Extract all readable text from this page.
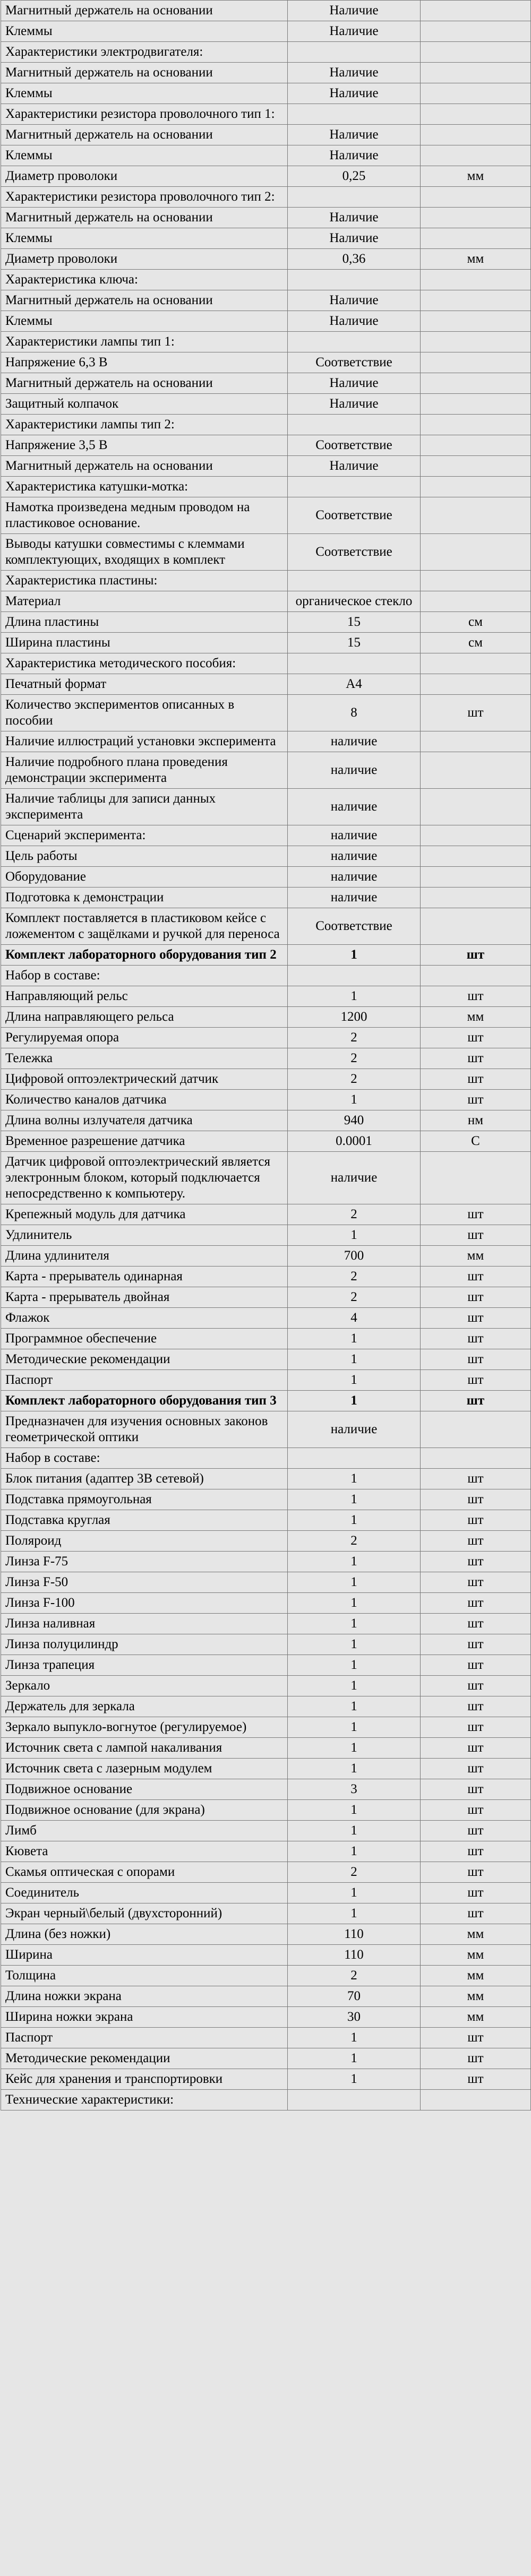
Магнитный держатель на основании	Наличие	
Клеммы	Наличие	
Характеристики электродвигателя:		
Магнитный держатель на основании	Наличие	
Клеммы	Наличие	
Характеристики резистора проволочного тип 1:		
Магнитный держатель на основании	Наличие	
Клеммы	Наличие	
Диаметр проволоки	0,25	мм
Характеристики резистора проволочного тип 2:		
Магнитный держатель на основании	Наличие	
Клеммы	Наличие	
Диаметр проволоки	0,36	мм
Характеристика ключа:		
Магнитный держатель на основании	Наличие	
Клеммы	Наличие	
Характеристики лампы тип 1:		
Напряжение 6,3 В	Соответствие	
Магнитный держатель на основании	Наличие	
Защитный колпачок	Наличие	
Характеристики лампы тип 2:		
Напряжение 3,5 В	Соответствие	
Магнитный держатель на основании	Наличие	
Характеристика катушки-мотка:		
Намотка произведена медным проводом на пластиковое основание.	Соответствие	
Выводы катушки совместимы с клеммами комплектующих, входящих в комплект	Соответствие	
Характеристика пластины:		
Материал	органическое стекло	
Длина пластины	15	см
Ширина пластины	15	см
Характеристика методического пособия:		
Печатный формат	А4	
Количество экспериментов описанных в пособии	8	шт
Наличие иллюстраций установки эксперимента	наличие	
Наличие подробного плана проведения демонстрации эксперимента	наличие	
Наличие таблицы для записи данных эксперимента	наличие	
Сценарий эксперимента:	наличие	
Цель работы	наличие	
Оборудование	наличие	
Подготовка к демонстрации	наличие	
Комплект поставляется в пластиковом кейсе с ложементом с защёлками и ручкой для переноса	Соответствие	
Комплект лабораторного оборудования тип 2	1	шт
Набор в составе:		
Направляющий рельс	1	шт
Длина направляющего рельса	1200	мм
Регулируемая опора	2	шт
Тележка	2	шт
Цифровой оптоэлектрический датчик	2	шт
Количество каналов датчика	1	шт
Длина волны излучателя датчика	940	нм
Временное разрешение датчика	0.0001	С
Датчик цифровой оптоэлектрический является электронным блоком, который подключается непосредственно к компьютеру.	наличие	
Крепежный модуль для датчика	2	шт
Удлинитель	1	шт
Длина удлинителя	700	мм
Карта - прерыватель одинарная	2	шт
Карта - прерыватель двойная	2	шт
Флажок	4	шт
Программное обеспечение	1	шт
Методические рекомендации	1	шт
Паспорт	1	шт
Комплект лабораторного оборудования тип 3	1	шт
Предназначен для изучения основных законов геометрической оптики	наличие	
Набор в составе:		
Блок питания (адаптер 3В сетевой)	1	шт
Подставка прямоугольная	1	шт
Подставка круглая	1	шт
Поляроид	2	шт
Линза F-75	1	шт
Линза F-50	1	шт
Линза F-100	1	шт
Линза наливная	1	шт
Линза полуцилиндр	1	шт
Линза трапеция	1	шт
Зеркало	1	шт
Держатель для зеркала	1	шт
Зеркало выпукло-вогнутое (регулируемое)	1	шт
Источник света с лампой накаливания	1	шт
Источник света с лазерным модулем	1	шт
Подвижное основание	3	шт
Подвижное основание (для экрана)	1	шт
Лимб	1	шт
Кювета	1	шт
Скамья оптическая с опорами	2	шт
Соединитель	1	шт
Экран черный\белый (двухсторонний)	1	шт
Длина (без ножки)	110	мм
Ширина	110	мм
Толщина	2	мм
Длина ножки экрана	70	мм
Ширина ножки экрана	30	мм
Паспорт	1	шт
Методические рекомендации	1	шт
Кейс для хранения и транспортировки	1	шт
Технические характеристики:		
